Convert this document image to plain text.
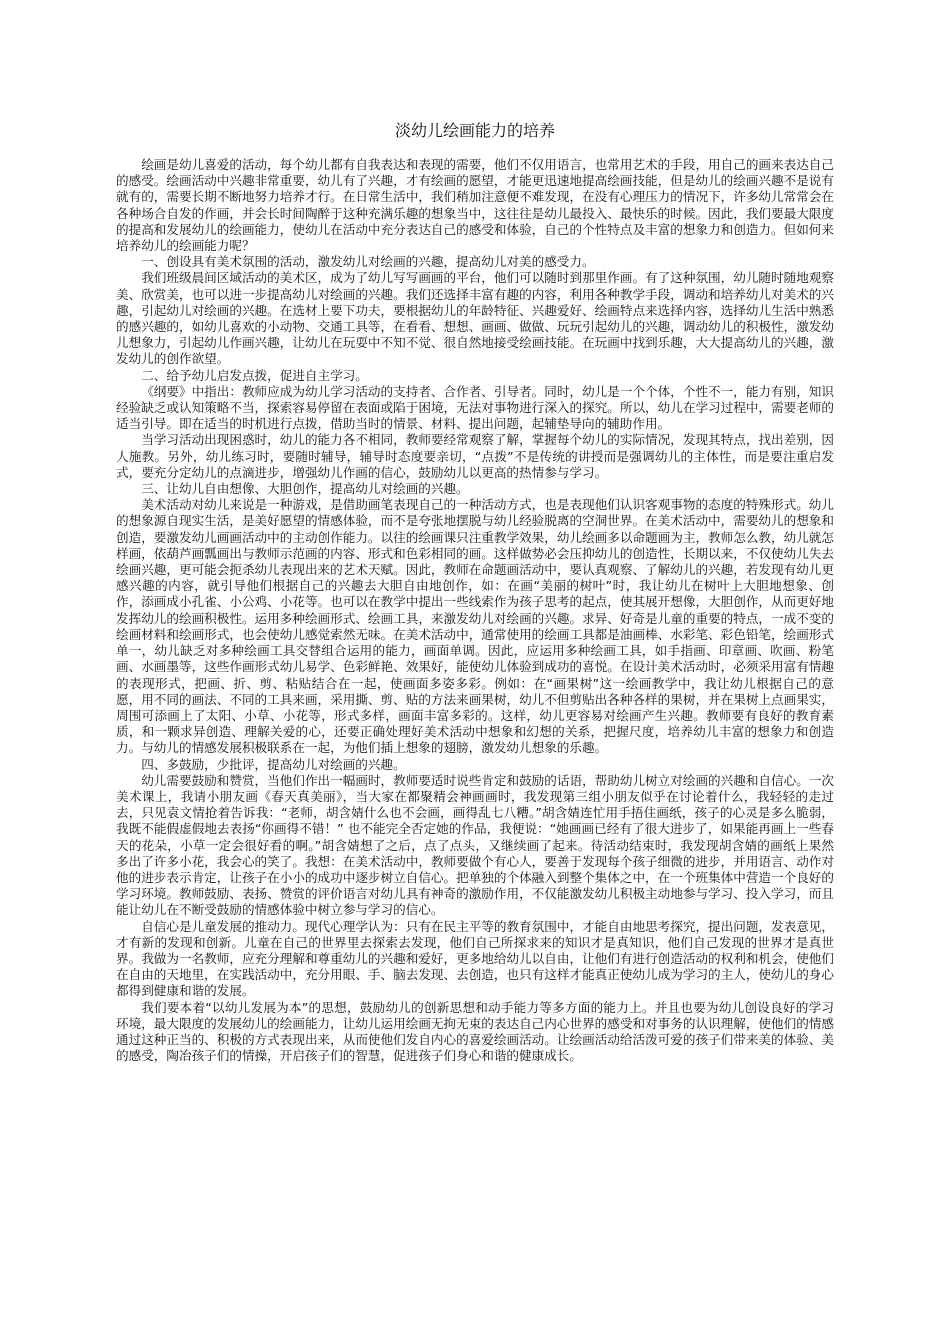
淡幼儿绘画能力的培养

绘画是幼儿喜爱的活动，每个幼儿都有自我表达和表现的需要，他们不仅用语言，也常用艺术的手段，用自己的画来表达自己的感受。绘画活动中兴趣非常重要，幼儿有了兴趣，才有绘画的愿望，才能更迅速地提高绘画技能，但是幼儿的绘画兴趣不是说有就有的，需要长期不断地努力培养才行。在日常生活中，我们稍加注意便不难发现，在没有心理压力的情况下，许多幼儿常常会在各种场合自发的作画，并会长时间陶醉于这种充满乐趣的想象当中，这往往是幼儿最投入、最快乐的时候。因此，我们要最大限度的提高和发展幼儿的绘画能力，使幼儿在活动中充分表达自己的感受和体验，自己的个性特点及丰富的想象力和创造力。但如何来培养幼儿的绘画能力呢？

一、创设具有美术氛围的活动，激发幼儿对绘画的兴趣，提高幼儿对美的感受力。

我们班级晨间区域活动的美术区，成为了幼儿写写画画的平台，他们可以随时到那里作画。有了这种氛围，幼儿随时随地观察美、欣赏美，也可以进一步提高幼儿对绘画的兴趣。我们还选择丰富有趣的内容，利用各种教学手段，调动和培养幼儿对美术的兴趣，引起幼儿对绘画的兴趣。在选材上要下功夫，要根据幼儿的年龄特征、兴趣爱好、绘画特点来选择内容，选择幼儿生活中熟悉的感兴趣的，如幼儿喜欢的小动物、交通工具等，在看看、想想、画画、做做、玩玩引起幼儿的兴趣，调动幼儿的积极性，激发幼儿想象力，引起幼儿作画兴趣，让幼儿在玩耍中不知不觉、很自然地接受绘画技能。在玩画中找到乐趣，大大提高幼儿的兴趣，激发幼儿的创作欲望。

二、给予幼儿启发点拨，促进自主学习。

《纲要》中指出：教师应成为幼儿学习活动的支持者、合作者、引导者。同时，幼儿是一个个体，个性不一，能力有别，知识经验缺乏或认知策略不当，探索容易停留在表面或陷于困境，无法对事物进行深入的探究。所以，幼儿在学习过程中，需要老师的适当引导。即在适当的时机进行点拨，借助当时的情景、材料、提出问题，起辅垫导向的辅助作用。

当学习活动出现困惑时，幼儿的能力各不相同，教师要经常观察了解，掌握每个幼儿的实际情况，发现其特点，找出差别，因人施教。另外，幼儿练习时，要随时辅导，辅导时态度要亲切，“点拨”不是传统的讲授而是强调幼儿的主体性，而是要注重启发式，要充分定幼儿的点滴进步，增强幼儿作画的信心，鼓励幼儿以更高的热情参与学习。

三、让幼儿自由想像、大胆创作，提高幼儿对绘画的兴趣。

美术活动对幼儿来说是一种游戏，是借助画笔表现自己的一种活动方式，也是表现他们认识客观事物的态度的特殊形式。幼儿的想象源自现实生活，是美好愿望的情感体验，而不是夸张地摆脱与幼儿经验脱离的空洞世界。在美术活动中，需要幼儿的想象和创造，要激发幼儿画画活动中的主动创作能力。以往的绘画课只注重教学效果，幼儿绘画多以命题画为主，教师怎么教，幼儿就怎样画，依葫芦画瓢画出与教师示范画的内容、形式和色彩相同的画。这样做势必会压抑幼儿的创造性，长期以来，不仅使幼儿失去绘画兴趣，更可能会扼杀幼儿表现出来的艺术天赋。因此，教师在命题画活动中，要认真观察、了解幼儿的兴趣，若发现有幼儿更感兴趣的内容，就引导他们根据自己的兴趣去大胆自由地创作，如：在画“美丽的树叶”时，我让幼儿在树叶上大胆地想象、创作，添画成小孔雀、小公鸡、小花等。也可以在教学中提出一些线索作为孩子思考的起点，使其展开想像，大胆创作，从而更好地发挥幼儿的绘画积极性。运用多种绘画形式、绘画工具，来激发幼儿对绘画的兴趣。求异、好奇是儿童的重要的特点，一成不变的绘画材料和绘画形式，也会使幼儿感觉索然无味。在美术活动中，通常使用的绘画工具都是油画棒、水彩笔、彩色铅笔，绘画形式单一，幼儿缺乏对多种绘画工具交替组合运用的能力，画面单调。因此，应运用多种绘画工具，如手指画、印章画、吹画、粉笔画、水画墨等，这些作画形式幼儿易学、色彩鲜艳、效果好，能使幼儿体验到成功的喜悦。在设计美术活动时，必须采用富有情趣的表现形式，把画、折、剪、粘贴结合在一起，使画面多姿多彩。例如：在“画果树”这一绘画教学中，我让幼儿根据自己的意愿，用不同的画法、不同的工具来画，采用撕、剪、贴的方法来画果树，幼儿不但剪贴出各种各样的果树，并在果树上点画果实，周围可添画上了太阳、小草、小花等，形式多样，画面丰富多彩的。这样，幼儿更容易对绘画产生兴趣。教师要有良好的教育素质，和一颗求异创造、理解关爱的心，还要正确处理好美术活动中想象和幻想的关系，把握尺度，培养幼儿丰富的想象力和创造力。与幼儿的情感发展积极联系在一起，为他们插上想象的翅膀，激发幼儿想象的乐趣。

四、多鼓励，少批评，提高幼儿对绘画的兴趣。

幼儿需要鼓励和赞赏，当他们作出一幅画时，教师要适时说些肯定和鼓励的话语，帮助幼儿树立对绘画的兴趣和自信心。一次美术课上，我请小朋友画《春天真美丽》，当大家在都聚精会神画画时，我发现第三组小朋友似乎在讨论着什么，我轻轻的走过去，只见袁文情抢着告诉我：“老师，胡含婧什么也不会画，画得乱七八糟。”胡含婧连忙用手捂住画纸，孩子的心灵是多么脆弱，我既不能假虚假地去表扬“你画得不错！” 也不能完全否定她的作品，我便说：“她画画已经有了很大进步了，如果能再画上一些春天的花朵，小草一定会很好看的啊。”胡含婧想了之后，点了点头，又继续画了起来。待活动结束时，我发现胡含婧的画纸上果然多出了许多小花，我会心的笑了。我想：在美术活动中，教师要做个有心人，要善于发现每个孩子细微的进步，并用语言、动作对他的进步表示肯定，让孩子在小小的成功中逐步树立自信心。把单独的个体融入到整个集体之中，在一个班集体中营造一个良好的学习环境。教师鼓励、表扬、赞赏的评价语言对幼儿具有神奇的激励作用，不仅能激发幼儿积极主动地参与学习、投入学习，而且能让幼儿在不断受鼓励的情感体验中树立参与学习的信心。

自信心是儿童发展的推动力。现代心理学认为：只有在民主平等的教育氛围中，才能自由地思考探究，提出问题，发表意见，才有新的发现和创新。儿童在自己的世界里去探索去发现，他们自己所探求来的知识才是真知识，他们自己发现的世界才是真世界。我做为一名教师，应充分理解和尊重幼儿的兴趣和爱好，更多地给幼儿以自由，让他们有进行创造活动的权利和机会，使他们在自由的天地里，在实践活动中，充分用眼、手、脑去发现、去创造，也只有这样才能真正使幼儿成为学习的主人，使幼儿的身心都得到健康和谐的发展。

我们要本着“以幼儿发展为本”的思想，鼓励幼儿的创新思想和动手能力等多方面的能力上。并且也要为幼儿创设良好的学习环境，最大限度的发展幼儿的绘画能力，让幼儿运用绘画无拘无束的表达自己内心世界的感受和对事务的认识理解，使他们的情感通过这种正当的、积极的方式表现出来，从而使他们发自内心的喜爱绘画活动。让绘画活动给活泼可爱的孩子们带来美的体验、美的感受，陶冶孩子们的情操，开启孩子们的智慧，促进孩子们身心和谐的健康成长。
